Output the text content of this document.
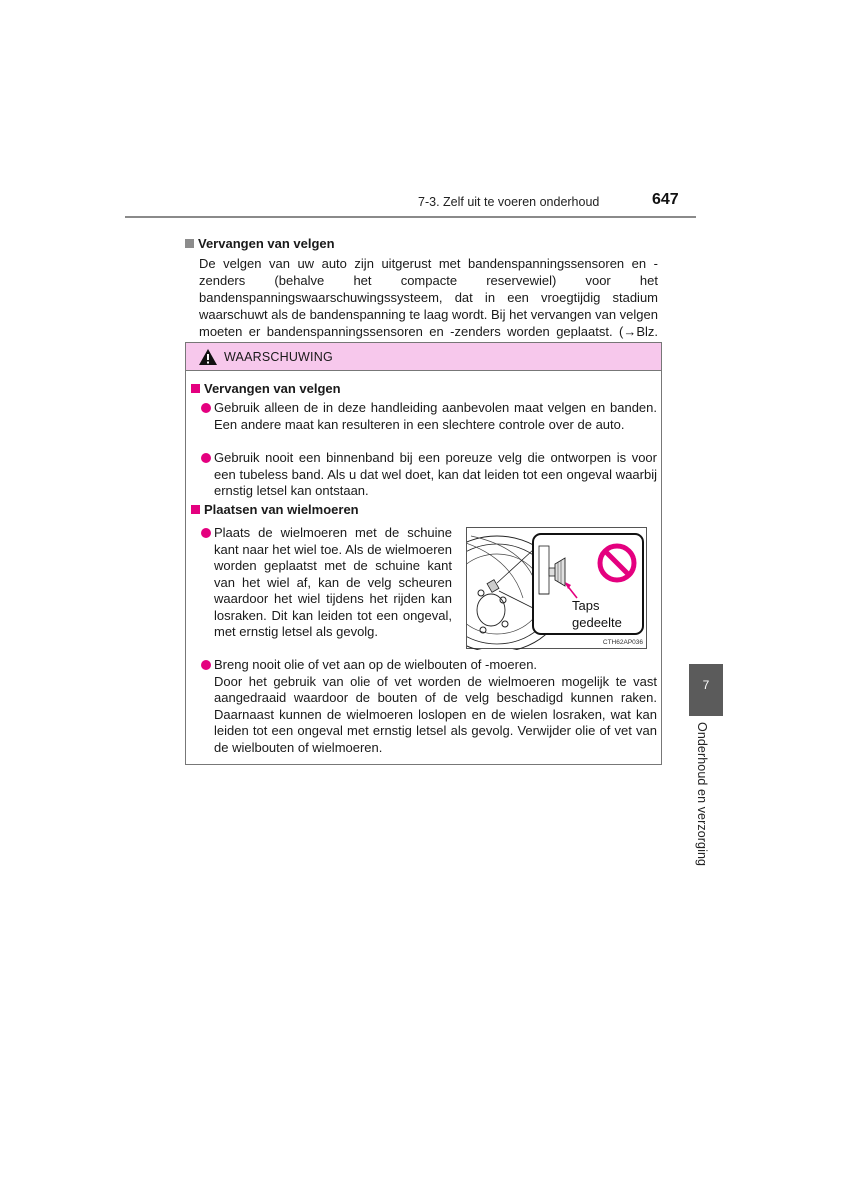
7-3. Zelf uit te voeren onderhoud	647
Vervangen van velgen
De velgen van uw auto zijn uitgerust met bandenspanningssensoren en -zenders (behalve het compacte reservewiel) voor het bandenspanningswaarschuwingssysteem, dat in een vroegtijdig stadium waarschuwt als de bandenspanning te laag wordt. Bij het vervangen van velgen moeten er bandenspanningssensoren en -zenders worden geplaatst. (→Blz.
WAARSCHUWING
Vervangen van velgen
Gebruik alleen de in deze handleiding aanbevolen maat velgen en banden. Een andere maat kan resulteren in een slechtere controle over de auto.
Gebruik nooit een binnenband bij een poreuze velg die ontworpen is voor een tubeless band. Als u dat wel doet, kan dat leiden tot een ongeval waarbij ernstig letsel kan ontstaan.
Plaatsen van wielmoeren
Plaats de wielmoeren met de schuine kant naar het wiel toe. Als de wielmoeren worden geplaatst met de schuine kant van het wiel af, kan de velg scheuren waardoor het wiel tijdens het rijden kan losraken. Dit kan leiden tot een ongeval, met ernstig letsel als gevolg.
Taps
gedeelte
CTH62AP036
Breng nooit olie of vet aan op de wielbouten of -moeren.
Door het gebruik van olie of vet worden de wielmoeren mogelijk te vast aangedraaid waardoor de bouten of de velg beschadigd kunnen raken. Daarnaast kunnen de wielmoeren loslopen en de wielen losraken, wat kan leiden tot een ongeval met ernstig letsel als gevolg. Verwijder olie of vet van de wielbouten of wielmoeren.
7
Onderhoud en verzorging
